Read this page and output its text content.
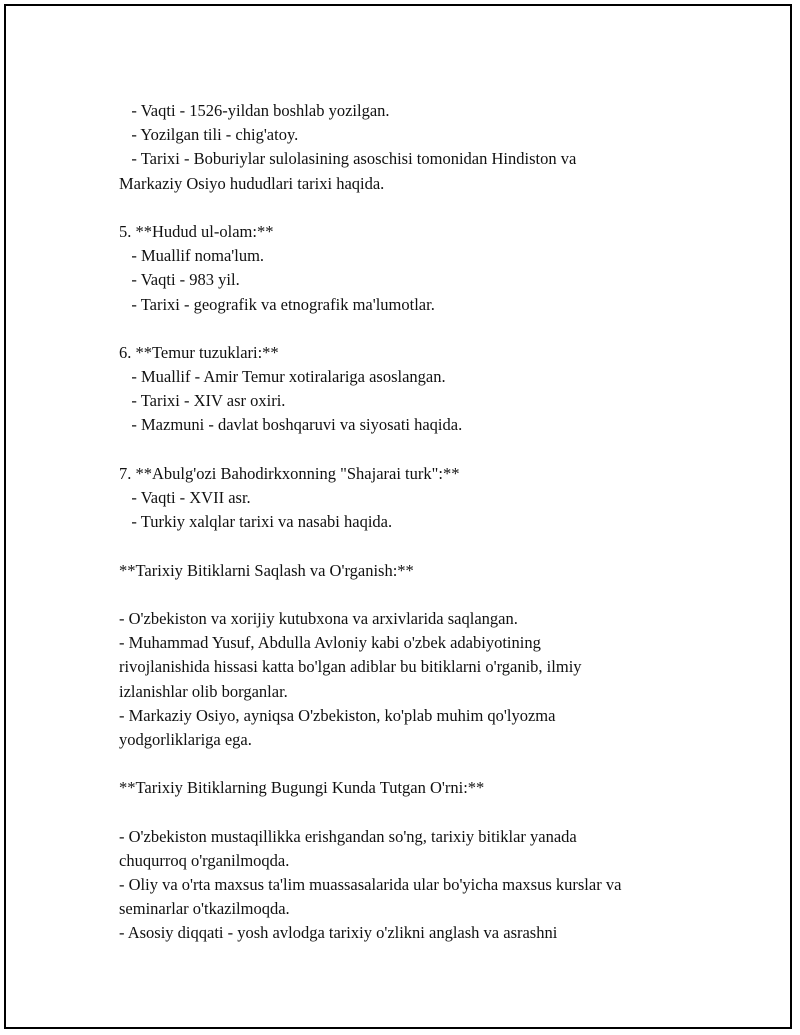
- Vaqti - 1526-yildan boshlab yozilgan.
- Yozilgan tili - chig'atoy.
- Tarixi - Boburiylar sulolasining asoschisi tomonidan Hindiston va
Markaziy Osiyo hududlari tarixi haqida.
5. **Hudud ul-olam:**
- Muallif noma'lum.
- Vaqti - 983 yil.
- Tarixi - geografik va etnografik ma'lumotlar.
6. **Temur tuzuklari:**
- Muallif - Amir Temur xotiralariga asoslangan.
- Tarixi - XIV asr oxiri.
- Mazmuni - davlat boshqaruvi va siyosati haqida.
7. **Abulg'ozi Bahodirkxonning "Shajarai turk":**
- Vaqti - XVII asr.
- Turkiy xalqlar tarixi va nasabi haqida.
**Tarixiy Bitiklarni Saqlash va O'rganish:**
- O'zbekiston va xorijiy kutubxona va arxivlarida saqlangan.
- Muhammad Yusuf, Abdulla Avloniy kabi o'zbek adabiyotining
rivojlanishida hissasi katta bo'lgan adiblar bu bitiklarni o'rganib, ilmiy
izlanishlar olib borganlar.
- Markaziy Osiyo, ayniqsa O'zbekiston, ko'plab muhim qo'lyozma
yodgorliklariga ega.
**Tarixiy Bitiklarning Bugungi Kunda Tutgan O'rni:**
- O'zbekiston mustaqillikka erishgandan so'ng, tarixiy bitiklar yanada
chuqurroq o'rganilmoqda.
- Oliy va o'rta maxsus ta'lim muassasalarida ular bo'yicha maxsus kurslar va
seminarlar o'tkazilmoqda.
- Asosiy diqqati - yosh avlodga tarixiy o'zlikni anglash va asrashni
